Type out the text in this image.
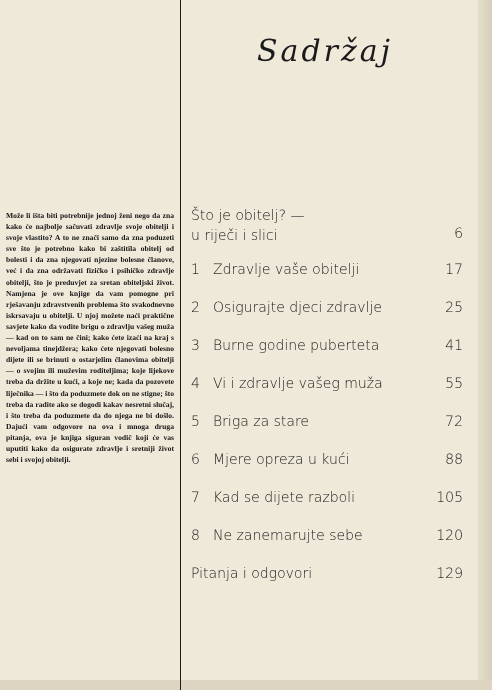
Sadržaj

Može li išta biti potrebnije jednoj ženi nego da zna kako će najbolje sačuvati zdravlje svoje obitelji i svoje vlastito? A to ne znači samo da zna poduzeti sve što je potrebno kako bi zaštitila obitelj od bolesti i da zna njegovati njezine bolesne članove, već i da zna održavati fizičko i psihičko zdravlje obitelji, što je preduvjet za sretan obiteljski život. Namjena je ove knjige da vam pomogne pri rješavanju zdravstvenih problema što svakodnevno iskrsavaju u obitelji. U njoj možete naći praktične savjete kako da vodite brigu o zdravlju vašeg muža — kad on to sam ne čini; kako ćete izaći na kraj s nevoljama tinejdžera; kako ćete njegovati bolesno dijete ili se brinuti o ostarjelim članovima obitelji — o svojim ili muževim roditeljima; koje lijekove treba da držite u kući, a koje ne; kada da pozovete liječnika — i što da poduzmete dok on ne stigne; što treba da radite ako se dogodi kakav nesretni slučaj, i što treba da poduzmete da do njega ne bi došlo. Dajući vam odgovore na ova i mnoga druga pitanja, ova je knjiga siguran vodič koji će vas uputiti kako da osigurate zdravlje i sretniji život sebi i svojoj obitelji.

Što je obitelj? —
u riječi i slici	6
1 Zdravlje vaše obitelji	17
2 Osigurajte djeci zdravlje	25
3 Burne godine puberteta	41
4 Vi i zdravlje vašeg muža	55
5 Briga za stare	72
6 Mjere opreza u kući	88
7 Kad se dijete razboli	105
8 Ne zanemarujte sebe	120
Pitanja i odgovori	129
